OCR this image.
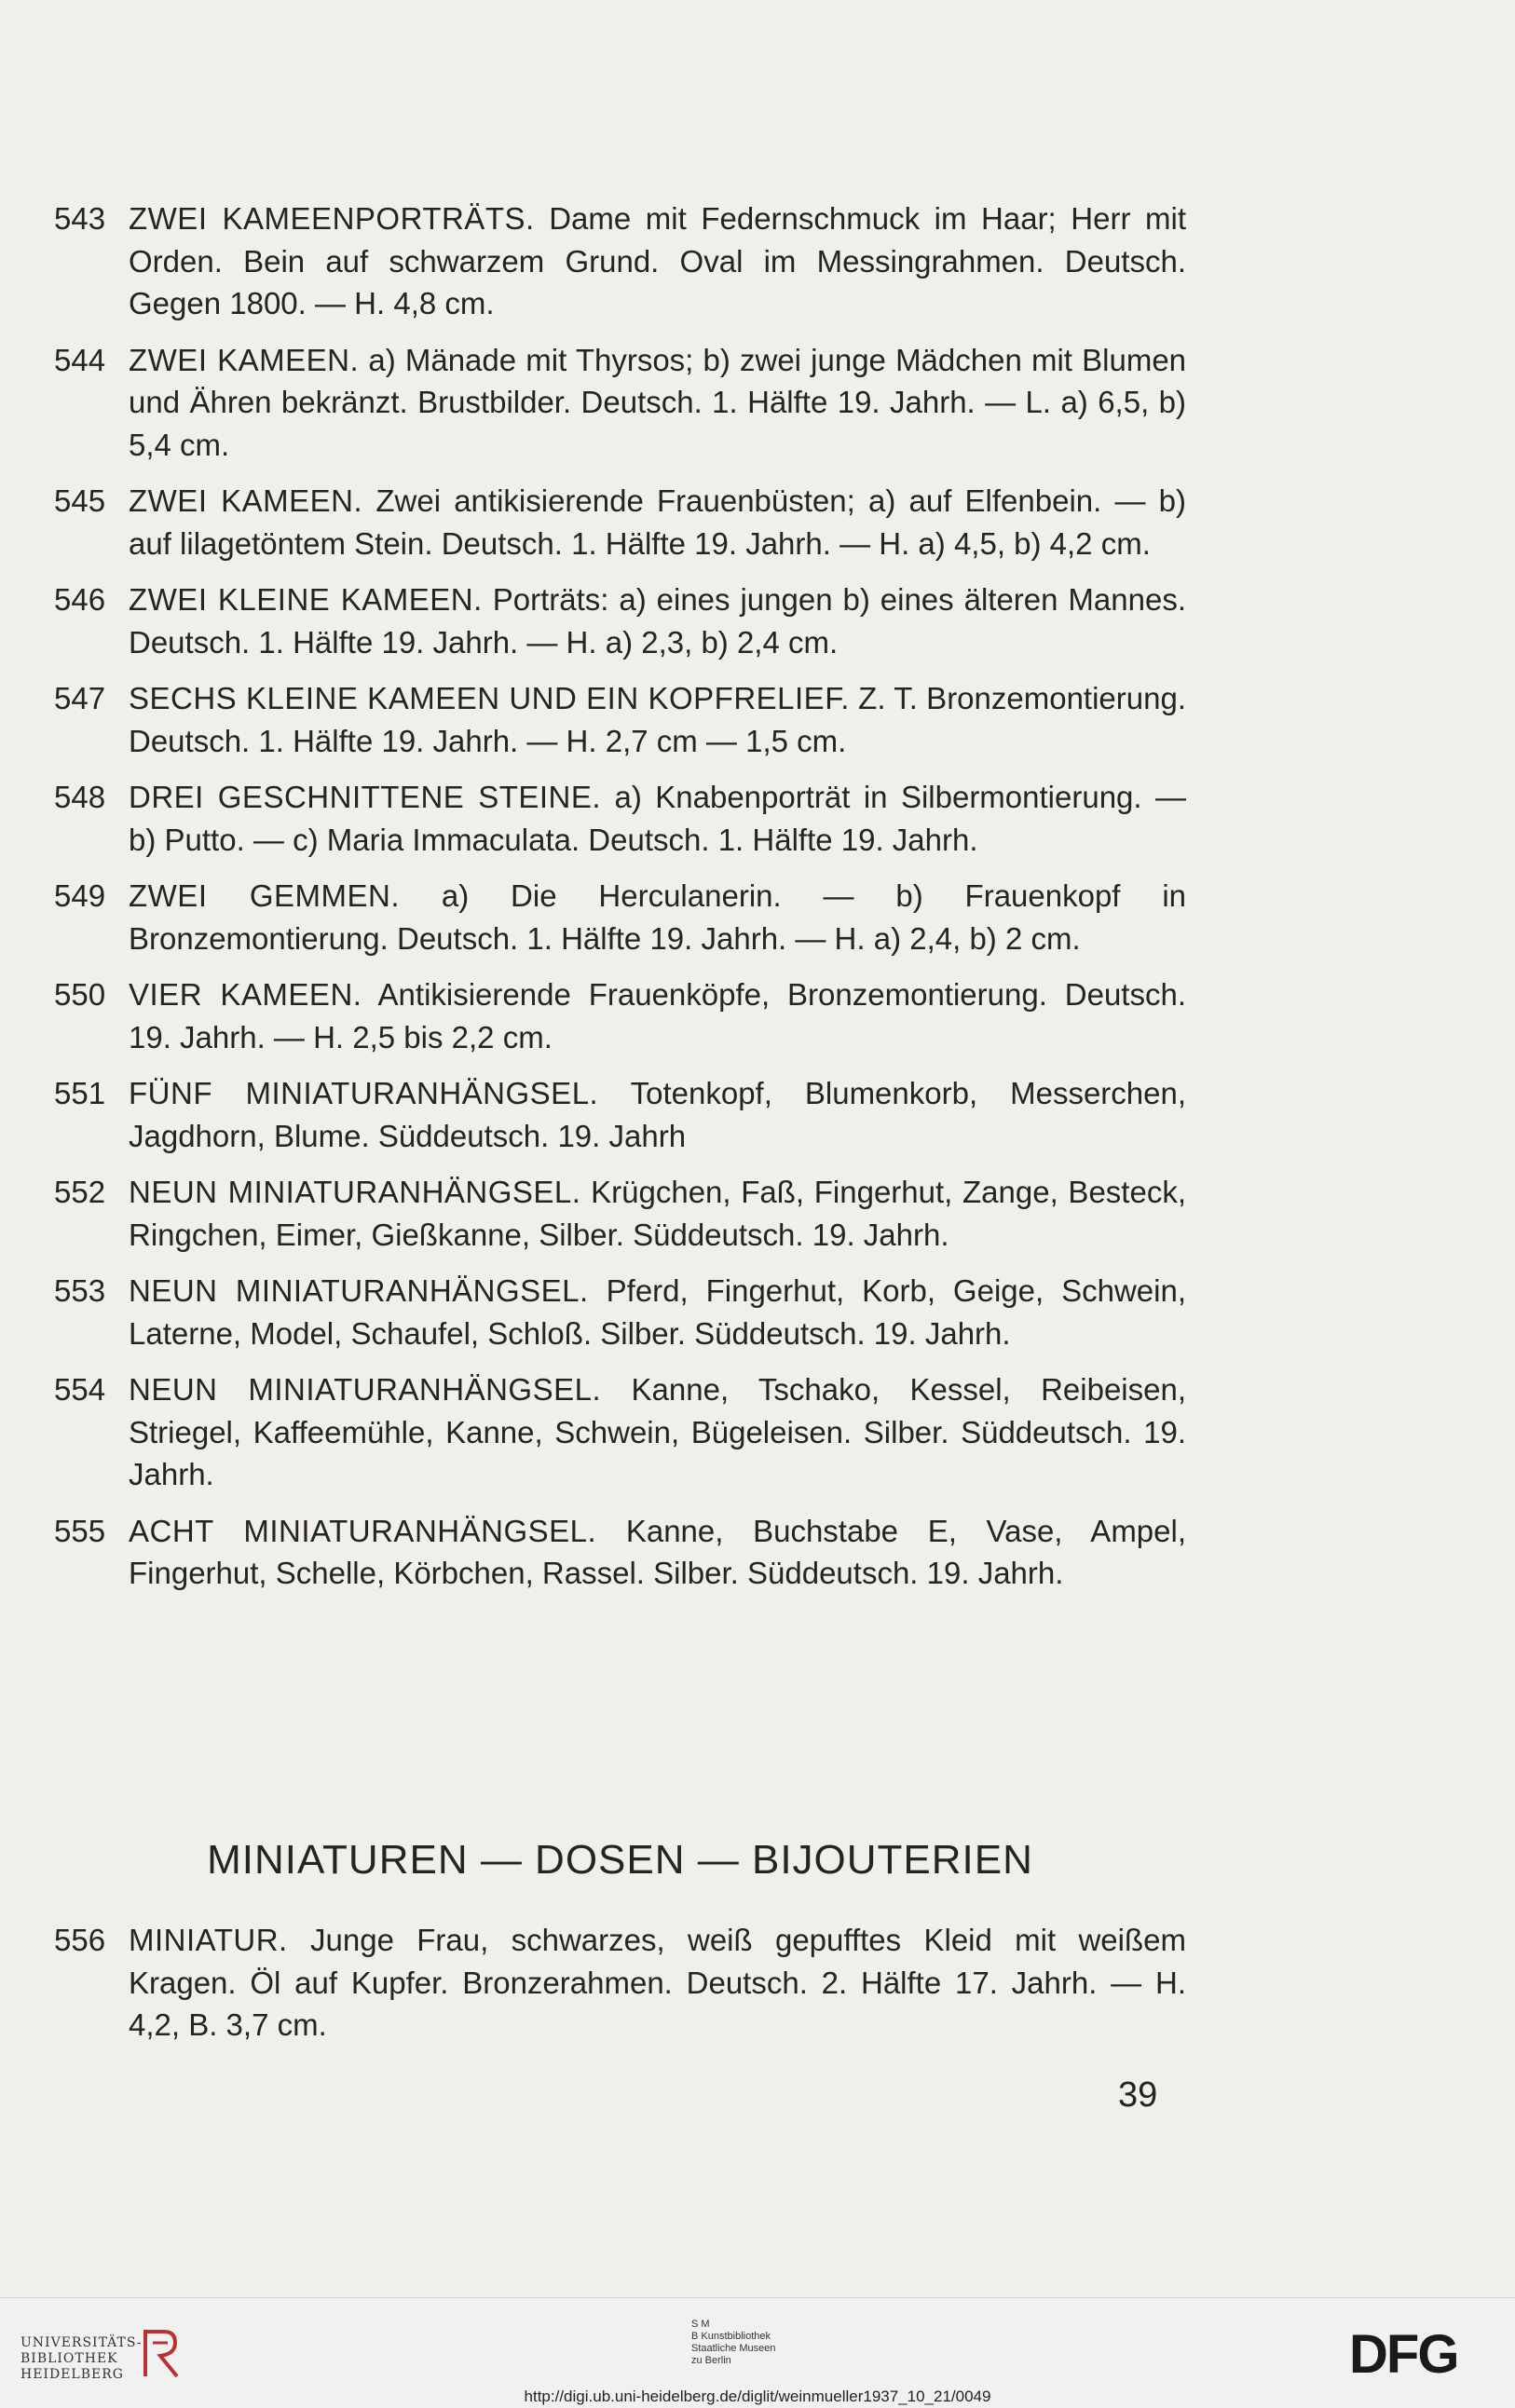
543 ZWEI KAMEENPORTRÄTS. Dame mit Federnschmuck im Haar; Herr mit Orden. Bein auf schwarzem Grund. Oval im Messingrahmen. Deutsch. Gegen 1800. — H. 4,8 cm.
544 ZWEI KAMEEN. a) Mänade mit Thyrsos; b) zwei junge Mädchen mit Blumen und Ähren bekränzt. Brustbilder. Deutsch. 1. Hälfte 19. Jahrh. — L. a) 6,5, b) 5,4 cm.
545 ZWEI KAMEEN. Zwei antikisierende Frauenbüsten; a) auf Elfenbein. — b) auf lilagetöntem Stein. Deutsch. 1. Hälfte 19. Jahrh. — H. a) 4,5, b) 4,2 cm.
546 ZWEI KLEINE KAMEEN. Porträts: a) eines jungen b) eines älteren Mannes. Deutsch. 1. Hälfte 19. Jahrh. — H. a) 2,3, b) 2,4 cm.
547 SECHS KLEINE KAMEEN UND EIN KOPFRELIEF. Z. T. Bronzemontierung. Deutsch. 1. Hälfte 19. Jahrh. — H. 2,7 cm — 1,5 cm.
548 DREI GESCHNITTENE STEINE. a) Knabenporträt in Silbermontierung. — b) Putto. — c) Maria Immaculata. Deutsch. 1. Hälfte 19. Jahrh.
549 ZWEI GEMMEN. a) Die Herculanerin. — b) Frauenkopf in Bronzemontierung. Deutsch. 1. Hälfte 19. Jahrh. — H. a) 2,4, b) 2 cm.
550 VIER KAMEEN. Antikisierende Frauenköpfe, Bronzemontierung. Deutsch. 19. Jahrh. — H. 2,5 bis 2,2 cm.
551 FÜNF MINIATURANHÄNGSEL. Totenkopf, Blumenkorb, Messerchen, Jagdhorn, Blume. Süddeutsch. 19. Jahrh
552 NEUN MINIATURANHÄNGSEL. Krügchen, Faß, Fingerhut, Zange, Besteck, Ringchen, Eimer, Gießkanne, Silber. Süddeutsch. 19. Jahrh.
553 NEUN MINIATURANHÄNGSEL. Pferd, Fingerhut, Korb, Geige, Schwein, Laterne, Model, Schaufel, Schloß. Silber. Süddeutsch. 19. Jahrh.
554 NEUN MINIATURANHÄNGSEL. Kanne, Tschako, Kessel, Reibeisen, Striegel, Kaffeemühle, Kanne, Schwein, Bügeleisen. Silber. Süddeutsch. 19. Jahrh.
555 ACHT MINIATURANHÄNGSEL. Kanne, Buchstabe E, Vase, Ampel, Fingerhut, Schelle, Körbchen, Rassel. Silber. Süddeutsch. 19. Jahrh.
MINIATUREN — DOSEN — BIJOUTERIEN
556 MINIATUR. Junge Frau, schwarzes, weiß gepufftes Kleid mit weißem Kragen. Öl auf Kupfer. Bronzerahmen. Deutsch. 2. Hälfte 17. Jahrh. — H. 4,2, B. 3,7 cm.
39
UNIVERSITÄTS-
BIBLIOTHEK
HEIDELBERG
S M
B Kunstbibliothek
Staatliche Museen
zu Berlin	DFG
http://digi.ub.uni-heidelberg.de/diglit/weinmueller1937_10_21/0049
